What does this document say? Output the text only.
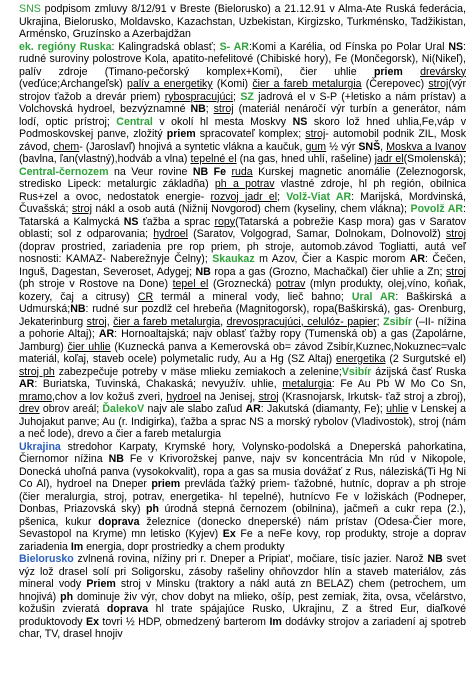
SNS podpisom zmluvy 8/12/91 v Breste (Bielorusko) a 21.12.91 v Alma-Ate Ruská federácia, Ukrajina, Bielorusko, Moldavsko, Kazachstan, Uzbekistan, Kirgizsko, Turkménsko, Tadžikistan, Arménsko, Gruzínsko a Azerbajdžan

ek. regióny Ruska: Kalingradská oblasť; S- AR:Komi a Karélia, od Fínska po Polar Ural NS: rudné suroviny polostrove Kola, apatito-nefelitové (Chibiské hory), Fe (Mončegorsk), Ni(Nikeľ), palív zdroje (Timano-pečorský komplex+Komi), čier uhlie priem drevársky (veďúce;Archangeľsk) palív a energetiky (Komi) čier a fareb metalurgia (Čerepovec) stroj(výr strojov ťažob a drevár priem) rybospracujúci; SZ jadrová el v S-P (+letisko a nám prístav) a Volchovská hydroel, bezvýznamné NB; stroj (materiál nenáročí výr turbín a generátor, nám lodí, optic prístroj; Central v okolí hl mesta Moskvy NS skoro lož hned uhlia,Fe,váp v Podmoskovskej panve, zložitý priem spracovateľ komplex; stroj- automobil podnik ZIL, Mosk závod, chem- (Jaroslavľ) hnojivá a syntetic vlákna a kaučuk, gum ½ výr SNŠ, Moskva a Ivanov (bavlna, ľan(vlastný),hodváb a vlna) tepelné el (na gas, hned uhlí, rašeline) jadr el(Smolenská); Central-černozem na Veur rovine NB Fe ruda Kurskej magnetic anomálie (Zeleznogorsk, stredisko Lipeck: metalurgic základňa) ph a potrav vlastné zdroje, hl ph región, obilnica Rus+zel a ovoc, nedostatok energie- rozvoj jadr el; Volž-Viat AR: Marijská, Mordvinská, Čuvašská; stroj nákl a osob autá (Nižnij Novgorod) chem (kyseliny, chem vlákna); Povolž AR: Tatarská a Kalmycká NS ťažba a sprac ropy(Tatarská a pobrežie Kasp mora) gas v Saratov oblasti; sol z odparovania; hydroel (Saratov, Volgograd, Samar, Dolnokam, Dolnovolž) stroj (doprav prostried, zariadenia pre rop priem, ph stroje, automob.závod Togliatti, autá veľ nosnosti: KAMAZ- Naberežnyje Čelny); Skaukaz m Azov, Čier a Kaspic morom AR: Čečen, Inguš, Dagestan, Severoset, Adygej; NB ropa a gas (Grozno, Machačkal) čier uhlie a Zn; stroj (ph stroje v Rostove na Done) tepel el (Groznecká) potrav (mlyn produkty, olej,víno, koňak, kozery, čaj a citrusy) CR termál a mineral vody, lieč bahno; Ural AR: Baškirská a Udmurská;NB: rudné sur pozdlž cel hrebeňa (Magnitogorsk), ropa(Baškirská), gas- Orenburg, Jekaterinburg stroj, čier a fareb metalurgia, drevospracujúci, celulóz- papier; Zsibír (–II- nížina a pohorie Altaj); AR: Hornoaltajská; najv oblasť ťažby ropy (Tumenská ob) a gas (Zapolárne, Jamburg) čier uhlie (Kuznecká panva a Kemerovská ob= závod Zsibír,Kuznec,Nokuznec=valc materiál, koľaj, staveb ocele) polymetalic rudy, Au a Hg (SZ Altaj) energetika (2 Surgutské el) stroj ph zabezpečuje potreby v mäse mlieku zemiakoch a zelenine;Vsibír ázijská časť Ruska AR: Buriatska, Tuvinská, Chakaská; nevyužív. uhlie, metalurgia: Fe Au Pb W Mo Co Sn, mramo,chov a lov kožuš zveri, hydroel na Jenisej, stroj (Krasnojarsk, Irkutsk- ťaž stroj a zbroj), drev obrov areál; ĎalekoV najv ale slabo zaľud AR: Jakutská (diamanty, Fe); uhlie v Lenskej a Juhojakut panve; Au (r. Indigirka), ťažba a sprac NS a morský rybolov (Vladivostok), stroj (nám a neč lode), drevo a čier a fareb metalurgia

Ukrajina stredohor Karpaty, Krymské hory, Volynsko-podolská a Dneperská pahorkatina, Čiernomor nížina NB Fe v Krivorožskej panve, najv sv koncentrácia Mn rúd v Nikopole, Donecká uhoľná panva (vysokokvalit), ropa a gas sa musia dovážať z Rus, náleziská(Ti Hg Ni Co Al), hydroel na Dneper priem prevláda ťažký priem- ťažobné, hutníc, doprav a ph stroje (čier meralurgia, stroj, potrav, energetika- hl tepelné), hutnícvo Fe v ložiskách (Podneper, Donbas, Priazovská sky) ph úrodná stepná černozem (obilnina), jačmeň a cukr repa (2.), pšenica, kukur doprava železnice (donecko dneperské) nám prístav (Odesa-Čier more, Sevastopol na Kryme) mn letisko (Kyjev) Ex Fe a neFe kovy, rop produkty, stroje a doprav zariadenia Im energia, dopr prostriedky a chem produkty

Bielorusko zvlnená rovina, nížiny pri r. Dneper a Pripiat', močiare, tisíc jazier. Narož NB svet výz lož drasel solí pri Soligorsku, zásoby rašeliny ohňovzdor hlín a staveb materiálov, zás mineral vody Priem stroj v Minsku (traktory a nákl autá zn BELAZ) chem (petrochem, um hnojivá) ph dominuje živ výr, chov dobyt na mlieko, ošíp, pest zemiak, žita, ovsa, včelárstvo, kožušin zvieratá doprava hl trate spájajúce Rusko, Ukrajinu, Z a štred Eur, diaľkové produktovody Ex tovri ½ HDP, obmedzený barterom Im dodávky strojov a zariadení aj spotreb char, TV, drasel hnojiv
